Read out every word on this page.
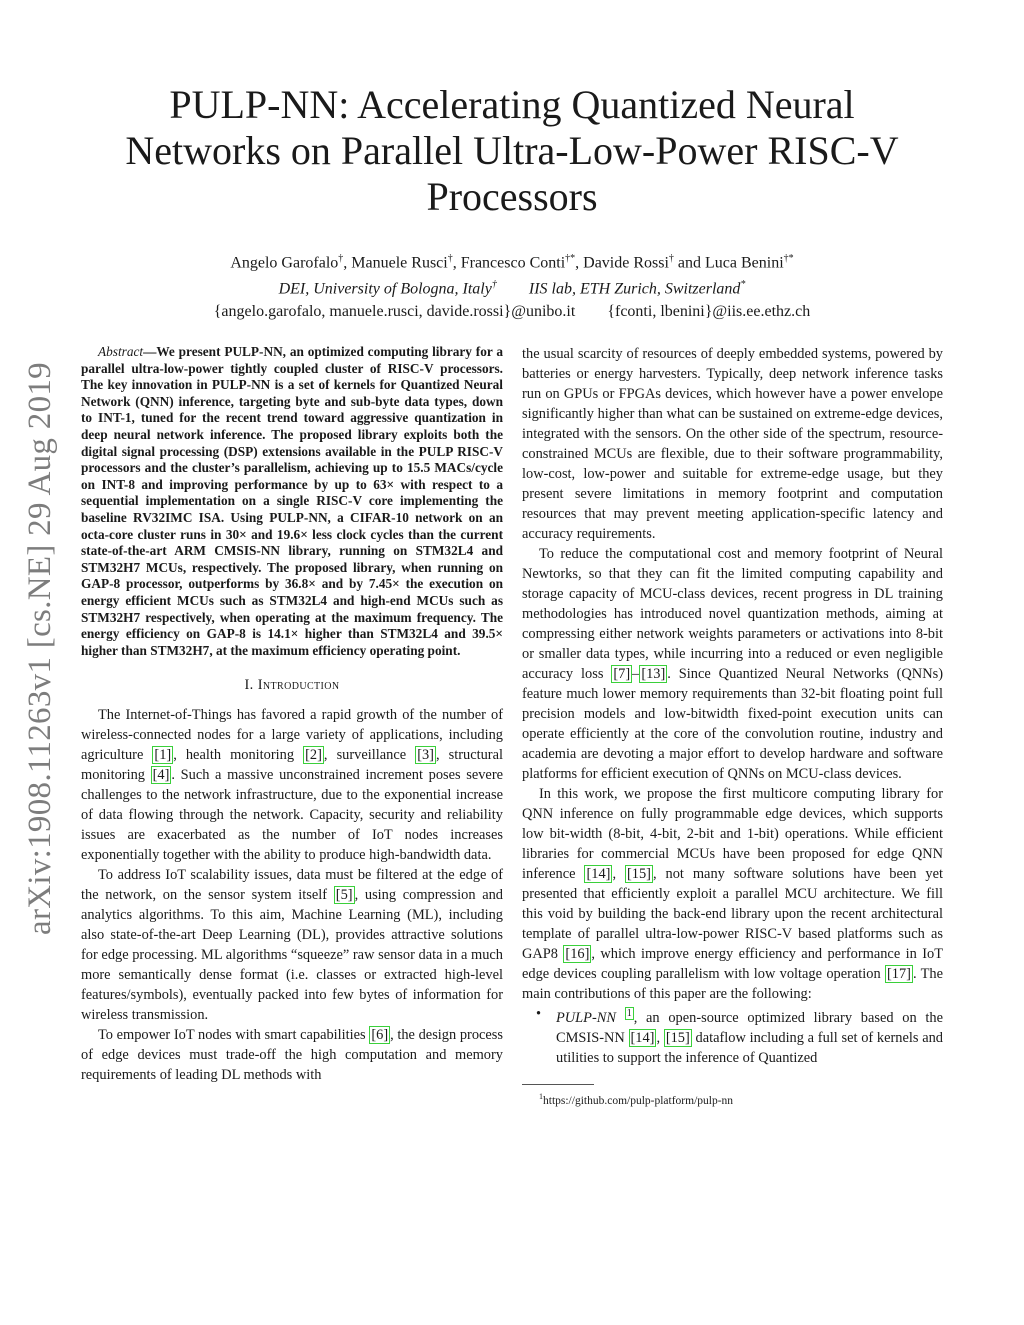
arXiv:1908.11263v1 [cs.NE] 29 Aug 2019
PULP-NN: Accelerating Quantized Neural Networks on Parallel Ultra-Low-Power RISC-V Processors
Angelo Garofalo†, Manuele Rusci†, Francesco Conti†*, Davide Rossi† and Luca Benini†*
DEI, University of Bologna, Italy† IIS lab, ETH Zurich, Switzerland*
{angelo.garofalo, manuele.rusci, davide.rossi}@unibo.it {fconti, lbenini}@iis.ee.ethz.ch

Abstract—We present PULP-NN, an optimized computing library for a parallel ultra-low-power tightly coupled cluster of RISC-V processors. The key innovation in PULP-NN is a set of kernels for Quantized Neural Network (QNN) inference, targeting byte and sub-byte data types, down to INT-1, tuned for the recent trend toward aggressive quantization in deep neural network inference. The proposed library exploits both the digital signal processing (DSP) extensions available in the PULP RISC-V processors and the cluster’s parallelism, achieving up to 15.5 MACs/cycle on INT-8 and improving performance by up to 63× with respect to a sequential implementation on a single RISC-V core implementing the baseline RV32IMC ISA. Using PULP-NN, a CIFAR-10 network on an octa-core cluster runs in 30× and 19.6× less clock cycles than the current state-of-the-art ARM CMSIS-NN library, running on STM32L4 and STM32H7 MCUs, respectively. The proposed library, when running on GAP-8 processor, outperforms by 36.8× and by 7.45× the execution on energy efficient MCUs such as STM32L4 and high-end MCUs such as STM32H7 respectively, when operating at the maximum frequency. The energy efficiency on GAP-8 is 14.1× higher than STM32L4 and 39.5× higher than STM32H7, at the maximum efficiency operating point.

I. Introduction

The Internet-of-Things has favored a rapid growth of the number of wireless-connected nodes for a large variety of applications, including agriculture [1] , health monitoring [2] , surveillance [3] , structural monitoring [4] . Such a massive unconstrained increment poses severe challenges to the network infrastructure, due to the exponential increase of data flowing through the network. Capacity, security and reliability issues are exacerbated as the number of IoT nodes increases exponentially together with the ability to produce high-bandwidth data.

To address IoT scalability issues, data must be filtered at the edge of the network, on the sensor system itself [5] , using compression and analytics algorithms. To this aim, Machine Learning (ML), including also state-of-the-art Deep Learning (DL), provides attractive solutions for edge processing. ML algorithms “squeeze” raw sensor data in a much more semantically dense format (i.e. classes or extracted high-level features/symbols), eventually packed into few bytes of information for wireless transmission.

To empower IoT nodes with smart capabilities [6] , the design process of edge devices must trade-off the high computation and memory requirements of leading DL methods with

the usual scarcity of resources of deeply embedded systems, powered by batteries or energy harvesters. Typically, deep network inference tasks run on GPUs or FPGAs devices, which however have a power envelope significantly higher than what can be sustained on extreme-edge devices, integrated with the sensors. On the other side of the spectrum, resource-constrained MCUs are flexible, due to their software programmability, low-cost, low-power and suitable for extreme-edge usage, but they present severe limitations in memory footprint and computation resources that may prevent meeting application-specific latency and accuracy requirements.

To reduce the computational cost and memory footprint of Neural Newtorks, so that they can fit the limited computing capability and storage capacity of MCU-class devices, recent progress in DL training methodologies has introduced novel quantization methods, aiming at compressing either network weights parameters or activations into 8-bit or smaller data types, while incurring into a reduced or even negligible accuracy loss [7] – [13] . Since Quantized Neural Networks (QNNs) feature much lower memory requirements than 32-bit floating point full precision models and low-bitwidth fixed-point execution units can operate efficiently at the core of the convolution routine, industry and academia are devoting a major effort to develop hardware and software platforms for efficient execution of QNNs on MCU-class devices.

In this work, we propose the first multicore computing library for QNN inference on fully programmable edge devices, which supports low bit-width (8-bit, 4-bit, 2-bit and 1-bit) operations. While efficient libraries for commercial MCUs have been proposed for edge QNN inference [14] , [15] , not many software solutions have been yet presented that efficiently exploit a parallel MCU architecture. We fill this void by building the back-end library upon the recent architectural template of parallel ultra-low-power RISC-V based platforms such as GAP8 [16] , which improve energy efficiency and performance in IoT edge devices coupling parallelism with low voltage operation [17] . The main contributions of this paper are the following:

• PULP-NN $^1$ , an open-source optimized library based on the CMSIS-NN [14] , [15] dataflow including a full set of kernels and utilities to support the inference of Quantized

$^1$https://github.com/pulp-platform/pulp-nn
